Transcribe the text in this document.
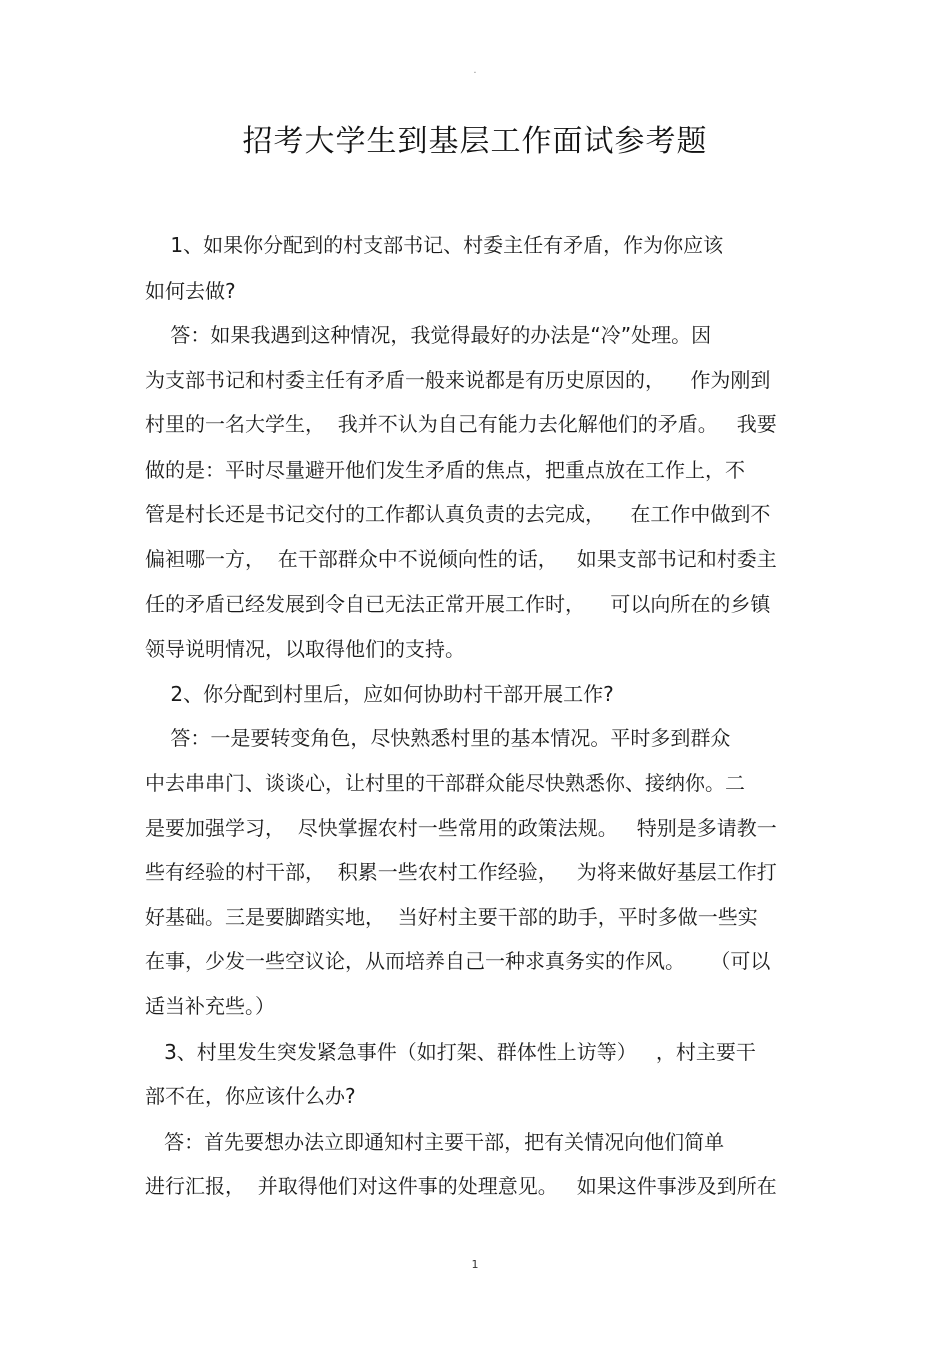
·
招考大学生到基层工作面试参考题
1、如果你分配到的村支部书记、村委主任有矛盾，作为你应该
如何去做?
答：如果我遇到这种情况，我觉得最好的办法是“冷”处理。因
为支部书记和村委主任有矛盾一般来说都是有历史原因的，    作为刚到
村里的一名大学生，  我并不认为自己有能力去化解他们的矛盾。   我要
做的是：平时尽量避开他们发生矛盾的焦点，把重点放在工作上，不
管是村长还是书记交付的工作都认真负责的去完成，    在工作中做到不
偏袒哪一方，  在干部群众中不说倾向性的话，   如果支部书记和村委主
任的矛盾已经发展到令自已无法正常开展工作时，    可以向所在的乡镇
领导说明情况，以取得他们的支持。
2、你分配到村里后，应如何协助村干部开展工作?
答：一是要转变角色，尽快熟悉村里的基本情况。平时多到群众
中去串串门、谈谈心，让村里的干部群众能尽快熟悉你、接纳你。二
是要加强学习，  尽快掌握农村一些常用的政策法规。   特别是多请教一
些有经验的村干部，  积累一些农村工作经验，   为将来做好基层工作打
好基础。三是要脚踏实地，  当好村主要干部的助手，平时多做一些实
在事，少发一些空议论，从而培养自己一种求真务实的作风。    （可以
适当补充些。）
3、村里发生突发紧急事件（如打架、群体性上访等）   ，村主要干
部不在，你应该什么办?
答：首先要想办法立即通知村主要干部，把有关情况向他们简单
进行汇报，  并取得他们对这件事的处理意见。   如果这件事涉及到所在
1
